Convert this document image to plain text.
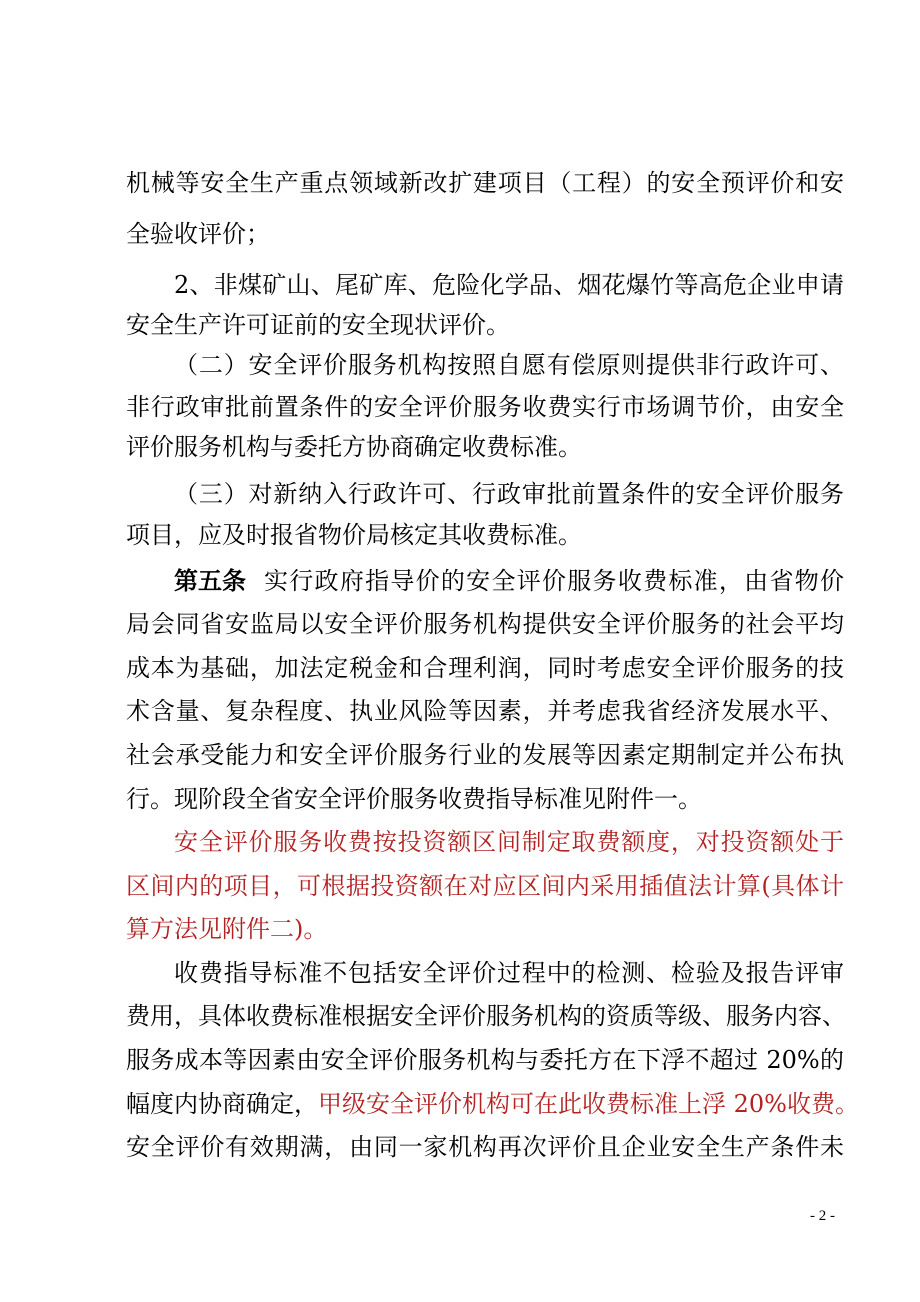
机械等安全生产重点领域新改扩建项目（工程）的安全预评价和安
全验收评价；
2、非煤矿山、尾矿库、危险化学品、烟花爆竹等高危企业申请
安全生产许可证前的安全现状评价。
（二）安全评价服务机构按照自愿有偿原则提供非行政许可、
非行政审批前置条件的安全评价服务收费实行市场调节价，由安全
评价服务机构与委托方协商确定收费标准。
（三）对新纳入行政许可、行政审批前置条件的安全评价服务
项目，应及时报省物价局核定其收费标准。
第五条 实行政府指导价的安全评价服务收费标准，由省物价
局会同省安监局以安全评价服务机构提供安全评价服务的社会平均
成本为基础，加法定税金和合理利润，同时考虑安全评价服务的技
术含量、复杂程度、执业风险等因素，并考虑我省经济发展水平、
社会承受能力和安全评价服务行业的发展等因素定期制定并公布执
行。现阶段全省安全评价服务收费指导标准见附件一。
安全评价服务收费按投资额区间制定取费额度，对投资额处于
区间内的项目，可根据投资额在对应区间内采用插值法计算(具体计
算方法见附件二)。
收费指导标准不包括安全评价过程中的检测、检验及报告评审
费用，具体收费标准根据安全评价服务机构的资质等级、服务内容、
服务成本等因素由安全评价服务机构与委托方在下浮不超过 20%的
幅度内协商确定，甲级安全评价机构可在此收费标准上浮 20%收费。
安全评价有效期满，由同一家机构再次评价且企业安全生产条件未
- 2 -
